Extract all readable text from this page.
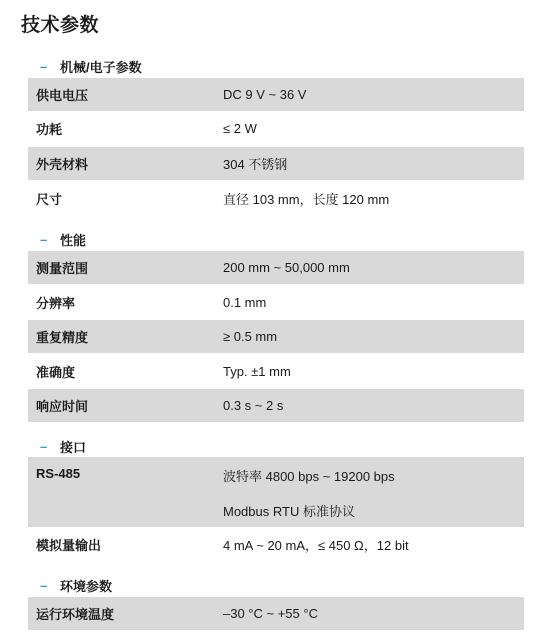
技术参数
– 机械/电子参数
供电电压	DC 9 V ~ 36 V
功耗	≤ 2 W
外壳材料	304 不锈钢
尺寸	直径 103 mm，长度 120 mm
– 性能
测量范围	200 mm ~ 50,000 mm
分辨率	0.1 mm
重复精度	≥ 0.5 mm
准确度	Typ. ±1 mm
响应时间	0.3 s ~ 2 s
– 接口
RS-485	波特率 4800 bps ~ 19200 bps
Modbus RTU 标准协议
模拟量输出	4 mA ~ 20 mA，≤ 450 Ω，12 bit
– 环境参数
运行环境温度	–30 °C ~ +55 °C
